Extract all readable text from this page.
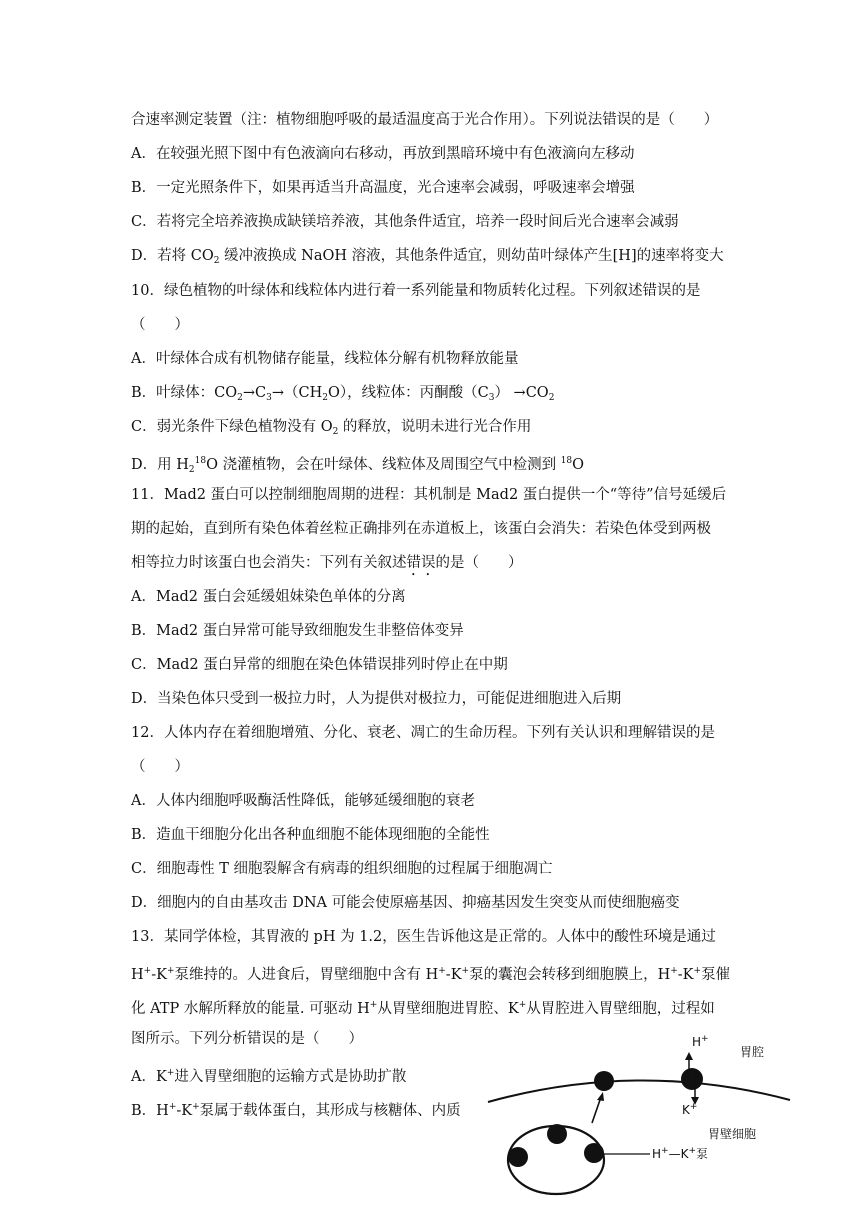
合速率测定装置（注：植物细胞呼吸的最适温度高于光合作用）。下列说法错误的是（　　）
A．在较强光照下图中有色液滴向右移动，再放到黑暗环境中有色液滴向左移动
B．一定光照条件下，如果再适当升高温度，光合速率会减弱，呼吸速率会增强
C．若将完全培养液换成缺镁培养液，其他条件适宜，培养一段时间后光合速率会减弱
D．若将 $CO_2$ 缓冲液换成 NaOH 溶液，其他条件适宜，则幼苗叶绿体产生[H]的速率将变大
10．绿色植物的叶绿体和线粒体内进行着一系列能量和物质转化过程。下列叙述错误的是
（　　）
A．叶绿体合成有机物储存能量，线粒体分解有机物释放能量
B．叶绿体：$CO_2\to C_3\to(CH_2O)$，线粒体：丙酮酸$(C_3) \to CO_2$
C．弱光条件下绿色植物没有 $O_2$ 的释放，说明未进行光合作用
D．用 $H_2^{18}O$ 浇灌植物，会在叶绿体、线粒体及周围空气中检测到 $^{18}$O
11．Mad2 蛋白可以控制细胞周期的进程：其机制是 Mad2 蛋白提供一个“等待”信号延缓后
期的起始，直到所有染色体着丝粒正确排列在赤道板上，该蛋白会消失：若染色体受到两极
相等拉力时该蛋白也会消失：下列有关叙述错误的是（　　）
A．Mad2 蛋白会延缓姐妹染色单体的分离
B．Mad2 蛋白异常可能导致细胞发生非整倍体变异
C．Mad2 蛋白异常的细胞在染色体错误排列时停止在中期
D．当染色体只受到一极拉力时，人为提供对极拉力，可能促进细胞进入后期
12．人体内存在着细胞增殖、分化、衰老、凋亡的生命历程。下列有关认识和理解错误的是
（　　）
A．人体内细胞呼吸酶活性降低，能够延缓细胞的衰老
B．造血干细胞分化出各种血细胞不能体现细胞的全能性
C．细胞毒性 T 细胞裂解含有病毒的组织细胞的过程属于细胞凋亡
D．细胞内的自由基攻击 DNA 可能会使原癌基因、抑癌基因发生突变从而使细胞癌变
13．某同学体检，其胃液的 pH 为 1.2，医生告诉他这是正常的。人体中的酸性环境是通过
H+-K+泵维持的。人进食后，胃壁细胞中含有 H+-K+泵的囊泡会转移到细胞膜上，H+-K+泵催
化 ATP 水解所释放的能量. 可驱动 H+从胃壁细胞进胃腔、K+从胃腔进入胃壁细胞，过程如
图所示。下列分析错误的是（　　）
A．K+进入胃壁细胞的运输方式是协助扩散
B．H+-K+泵属于载体蛋白，其形成与核糖体、内质
H+
K+
胃腔
胃壁细胞
H+—K+泵
